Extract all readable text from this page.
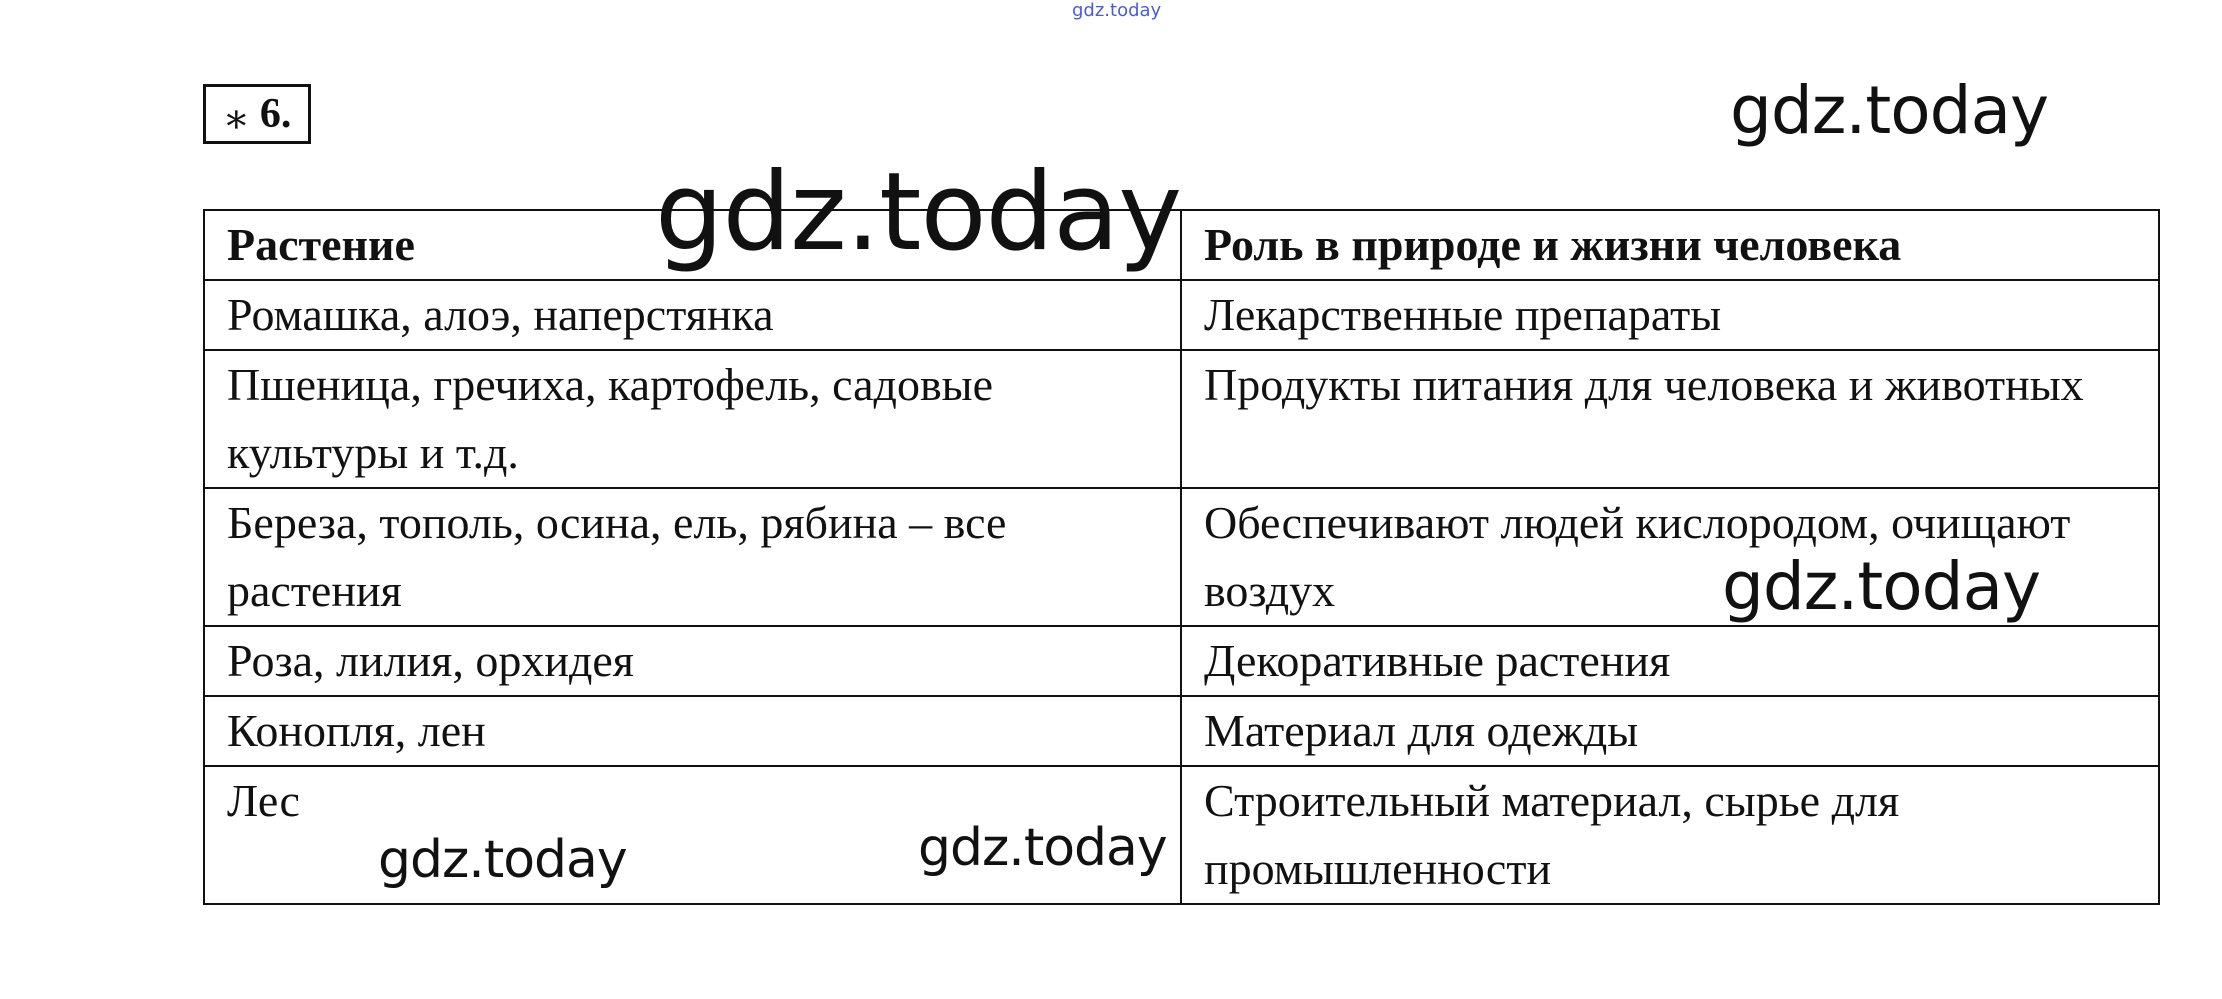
gdz.today
∗ 6.	gdz.today
Растение	Роль в природе и жизни человека
Ромашка, алоэ, наперстянка	Лекарственные препараты
Пшеница, гречиха, картофель, садовые культуры и т.д.	Продукты питания для человека и животных
Береза, тополь, осина, ель, рябина – все растения	Обеспечивают людей кислородом, очищают воздух
Роза, лилия, орхидея	Декоративные растения
Конопля, лен	Материал для одежды
Лес	Строительный материал, сырье для промышленности
gdz.today
gdz.today
gdz.today	gdz.today
